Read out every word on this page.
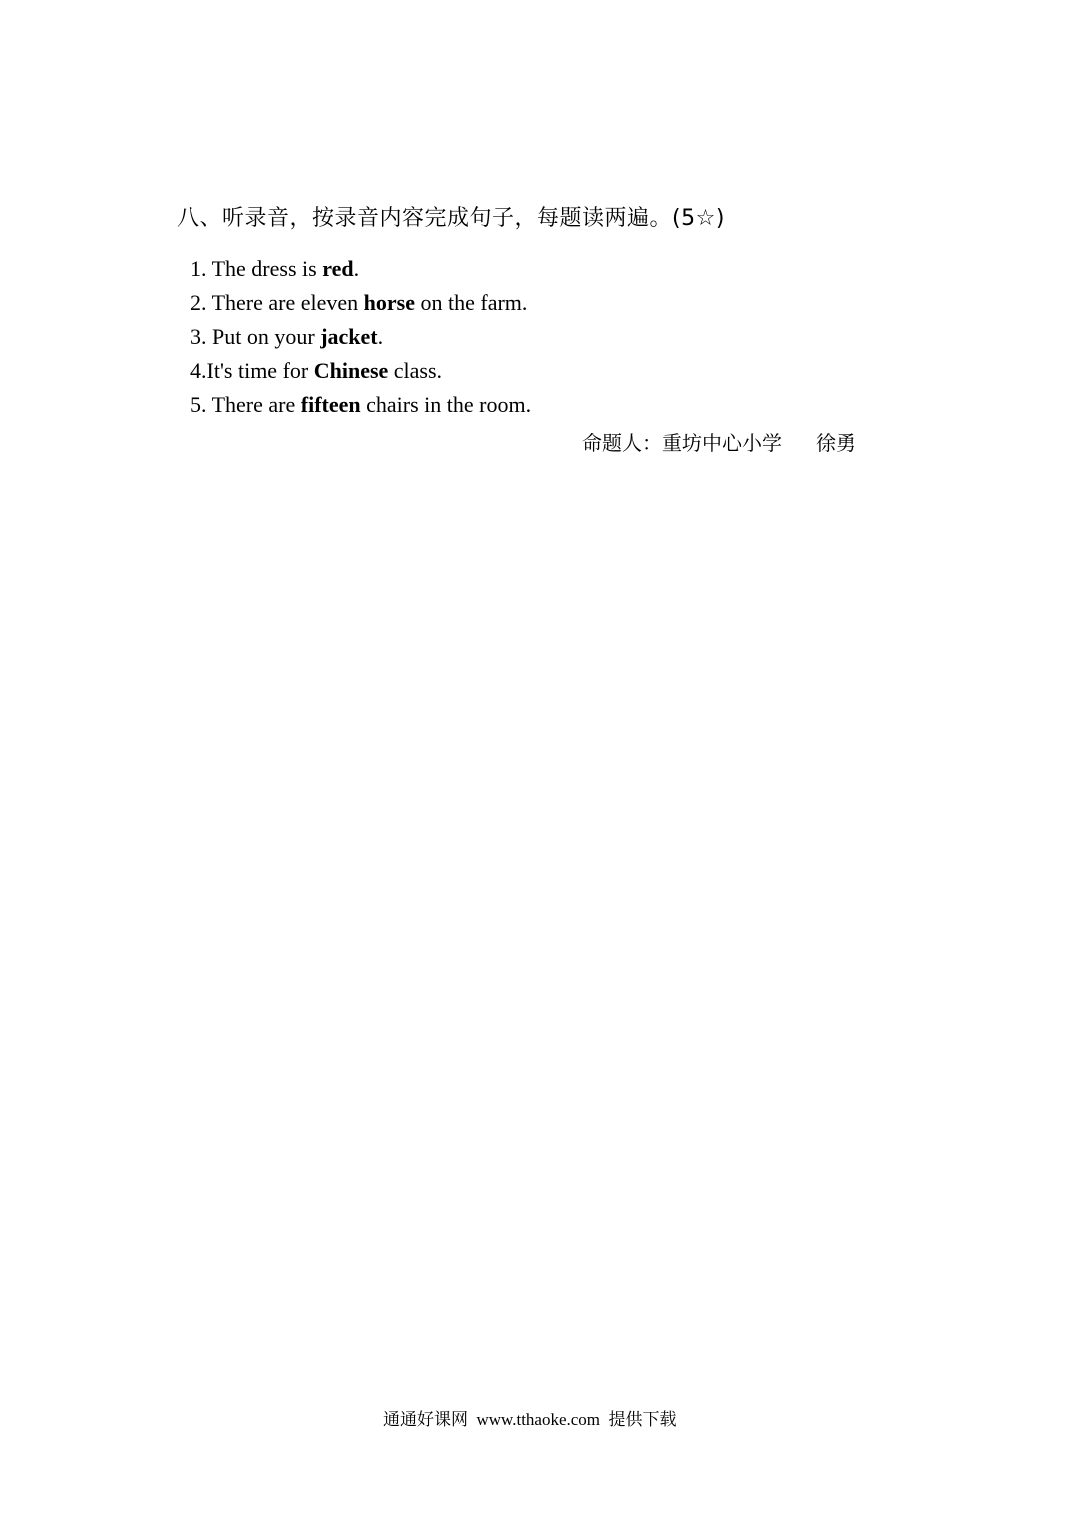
八、听录音，按录音内容完成句子，每题读两遍。(5☆)
1. The dress is red.
2. There are eleven horse on the farm.
3. Put on your jacket.
4.It's time for Chinese class.
5. There are fifteen chairs in the room.
命题人：重坊中心小学 徐勇
通通好课网 www.tthaoke.com 提供下载
